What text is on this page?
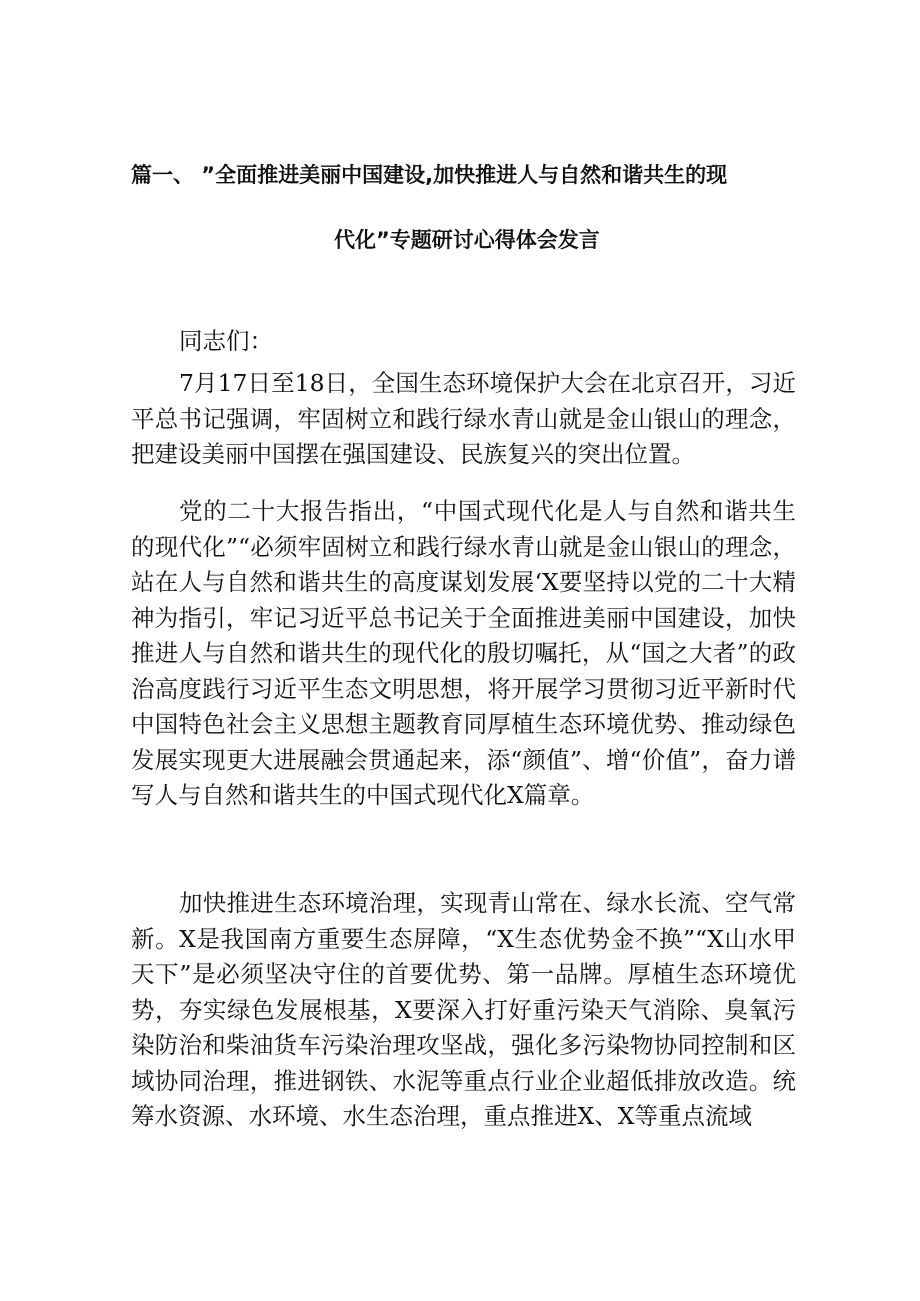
篇一、 ”全面推进美丽中国建设,加快推进人与自然和谐共生的现
代化”专题研讨心得体会发言
同志们：

7月17日至18日，全国生态环境保护大会在北京召开，习近平总书记强调，牢固树立和践行绿水青山就是金山银山的理念，把建设美丽中国摆在强国建设、民族复兴的突出位置。

党的二十大报告指出，“中国式现代化是人与自然和谐共生的现代化”“必须牢固树立和践行绿水青山就是金山银山的理念，站在人与自然和谐共生的高度谋划发展‘X要坚持以党的二十大精神为指引，牢记习近平总书记关于全面推进美丽中国建设，加快推进人与自然和谐共生的现代化的殷切嘱托，从“国之大者”的政治高度践行习近平生态文明思想，将开展学习贯彻习近平新时代中国特色社会主义思想主题教育同厚植生态环境优势、推动绿色发展实现更大进展融会贯通起来，添“颜值”、增“价值”，奋力谱写人与自然和谐共生的中国式现代化X篇章。

加快推进生态环境治理，实现青山常在、绿水长流、空气常新。X是我国南方重要生态屏障，“X生态优势金不换”“X山水甲天下”是必须坚决守住的首要优势、第一品牌。厚植生态环境优势，夯实绿色发展根基，X要深入打好重污染天气消除、臭氧污染防治和柴油货车污染治理攻坚战，强化多污染物协同控制和区域协同治理，推进钢铁、水泥等重点行业企业超低排放改造。统筹水资源、水环境、水生态治理，重点推进X、X等重点流域
